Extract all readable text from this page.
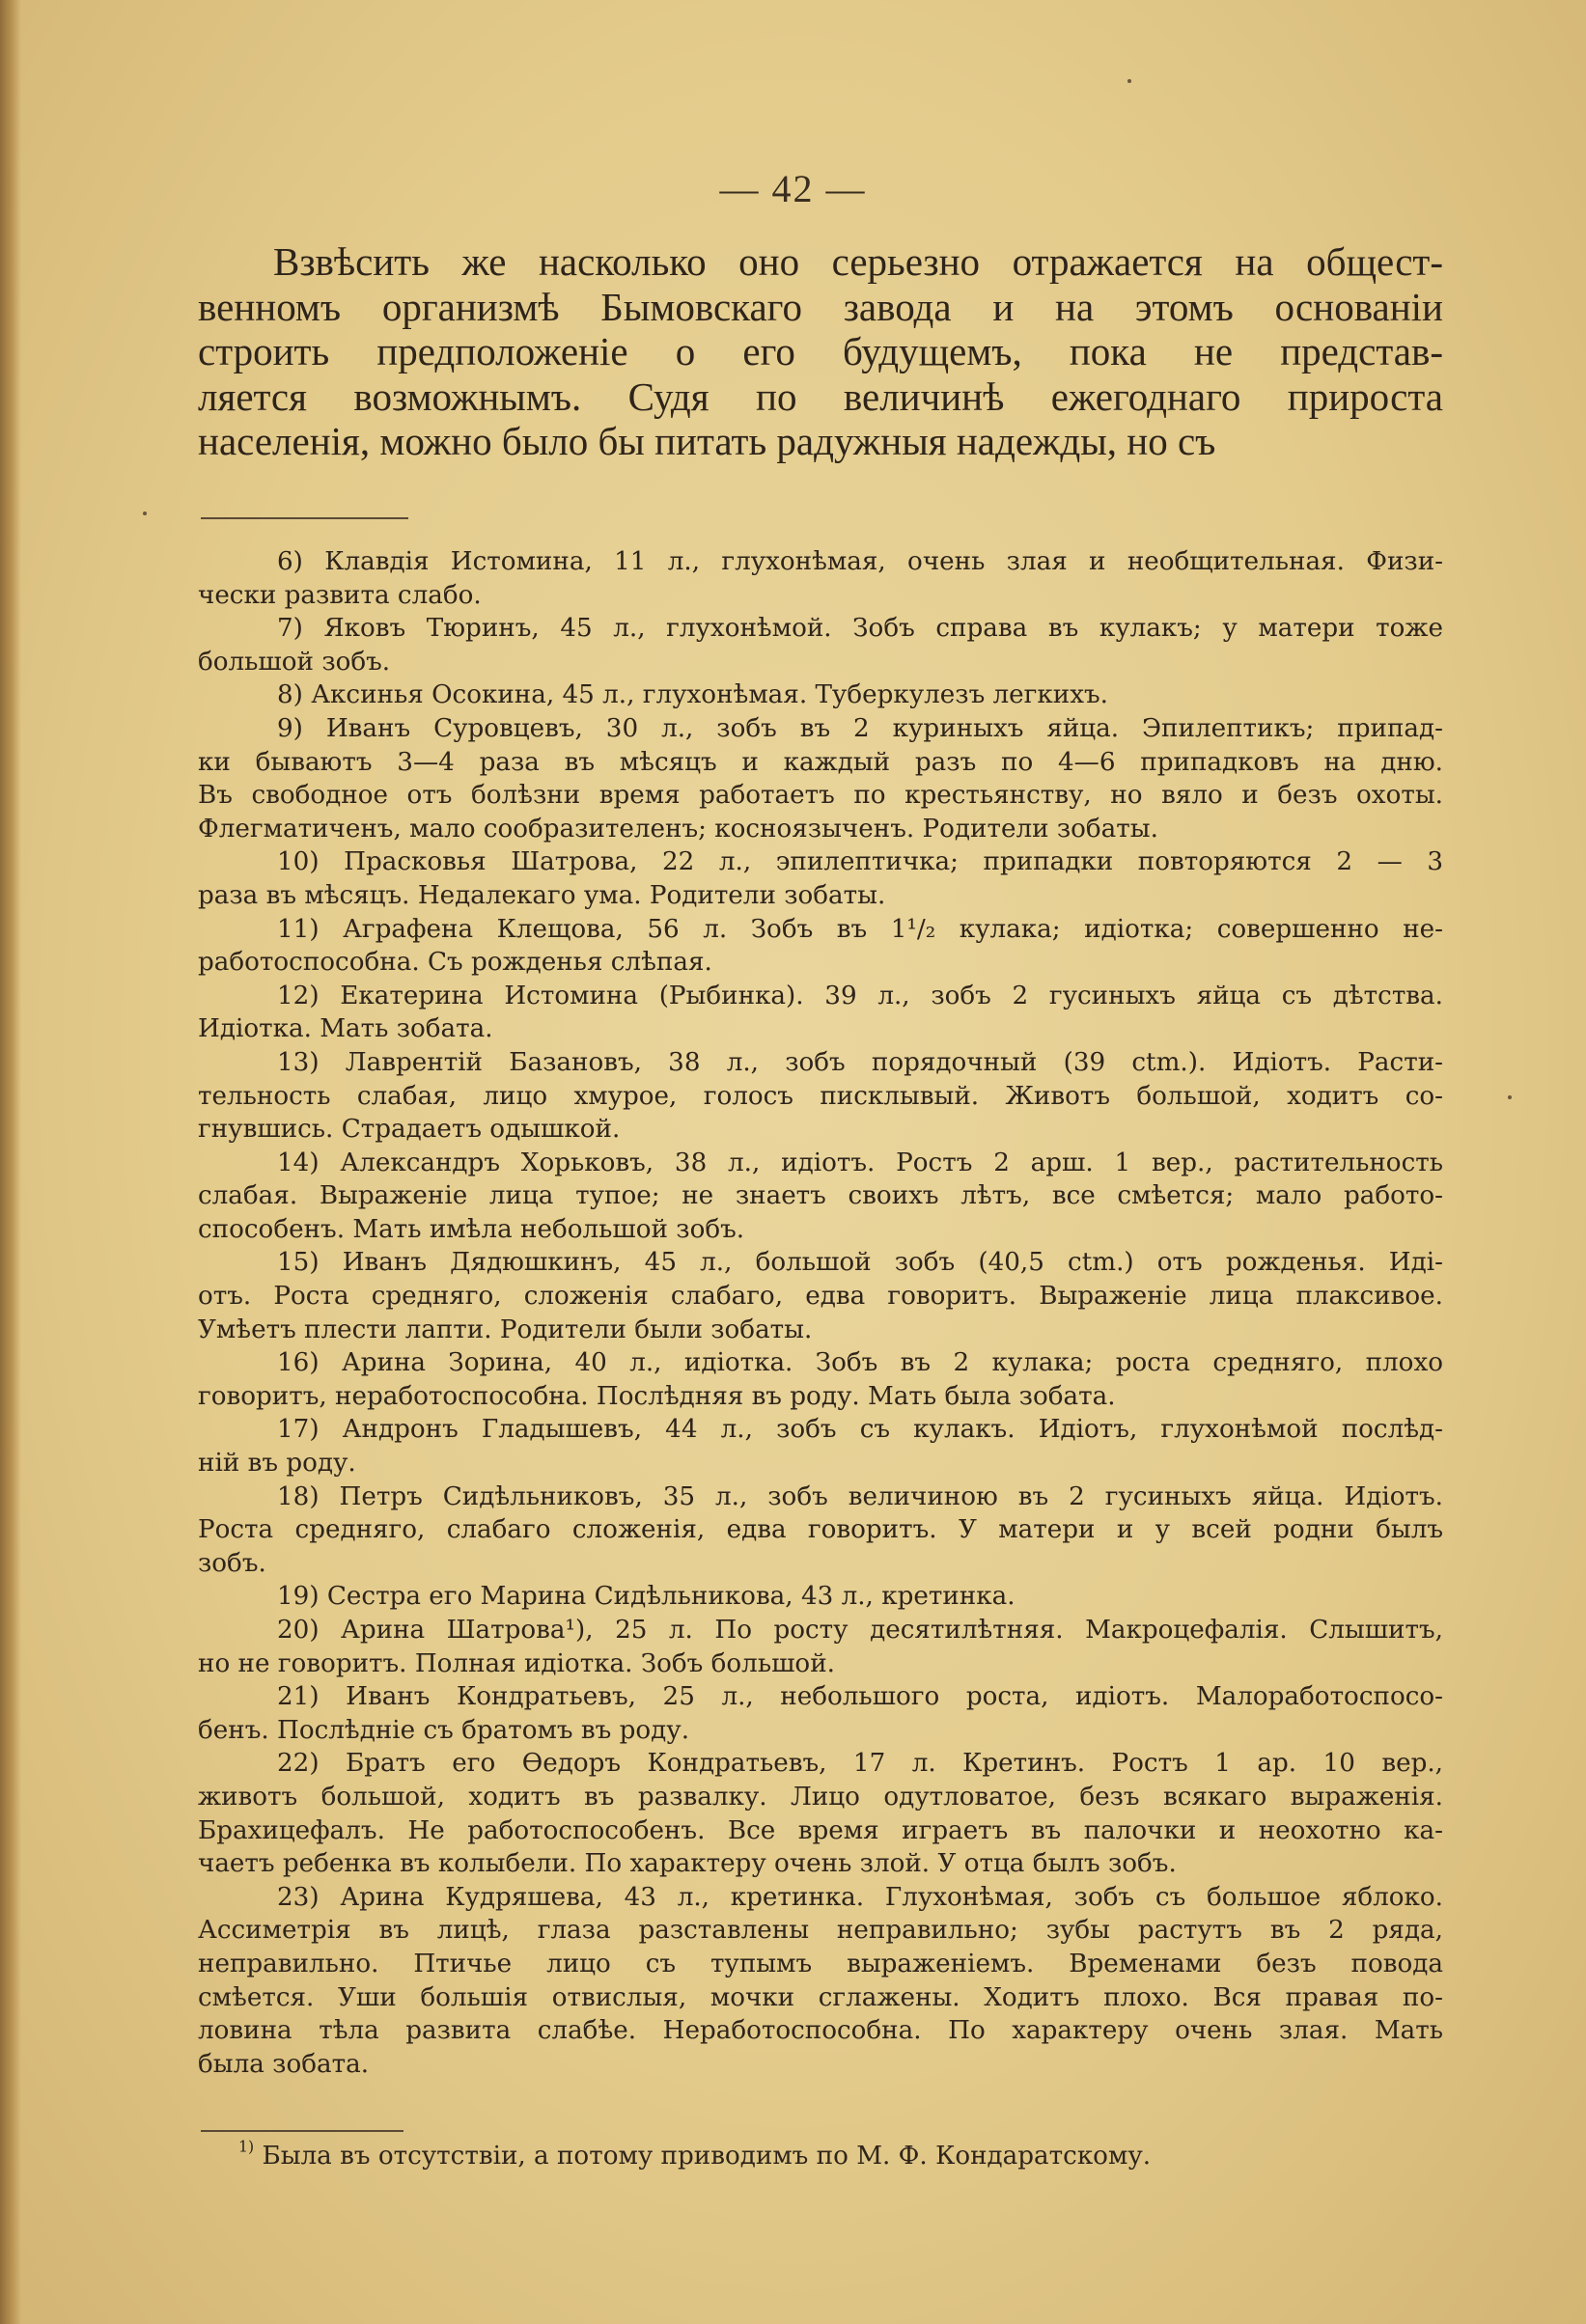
— 42 —
Взвѣсить же насколько оно серьезно отражается на общест-
венномъ организмѣ Бымовскаго завода и на этомъ основаніи
строить предположеніе о его будущемъ, пока не представ-
ляется возможнымъ. Судя по величинѣ ежегоднаго прироста
населенія, можно было бы питать радужныя надежды, но съ
6) Клавдія Истомина, 11 л., глухонѣмая, очень злая и необщительная. Физи-
чески развита слабо.
7) Яковъ Тюринъ, 45 л., глухонѣмой. Зобъ справа въ кулакъ; у матери тоже
большой зобъ.
8) Аксинья Осокина, 45 л., глухонѣмая. Туберкулезъ легкихъ.
9) Иванъ Суровцевъ, 30 л., зобъ въ 2 куриныхъ яйца. Эпилептикъ; припад-
ки бываютъ 3—4 раза въ мѣсяцъ и каждый разъ по 4—6 припадковъ на дню.
Въ свободное отъ болѣзни время работаетъ по крестьянству, но вяло и безъ охоты.
Флегматиченъ, мало сообразителенъ; косноязыченъ. Родители зобаты.
10) Прасковья Шатрова, 22 л., эпилептичка; припадки повторяются 2 — 3
раза въ мѣсяцъ. Недалекаго ума. Родители зобаты.
11) Аграфена Клещова, 56 л. Зобъ въ 1¹/₂ кулака; идіотка; совершенно не-
работоспособна. Съ рожденья слѣпая.
12) Екатерина Истомина (Рыбинка). 39 л., зобъ 2 гусиныхъ яйца съ дѣтства.
Идіотка. Мать зобата.
13) Лаврентій Базановъ, 38 л., зобъ порядочный (39 ctm.). Идіотъ. Расти-
тельность слабая, лицо хмурое, голосъ писклывый. Животъ большой, ходитъ со-
гнувшись. Страдаетъ одышкой.
14) Александръ Хорьковъ, 38 л., идіотъ. Ростъ 2 арш. 1 вер., растительность
слабая. Выраженіе лица тупое; не знаетъ своихъ лѣтъ, все смѣется; мало работо-
способенъ. Мать имѣла небольшой зобъ.
15) Иванъ Дядюшкинъ, 45 л., большой зобъ (40,5 ctm.) отъ рожденья. Иді-
отъ. Роста средняго, сложенія слабаго, едва говоритъ. Выраженіе лица плаксивое.
Умѣетъ плести лапти. Родители были зобаты.
16) Арина Зорина, 40 л., идіотка. Зобъ въ 2 кулака; роста средняго, плохо
говоритъ, неработоспособна. Послѣдняя въ роду. Мать была зобата.
17) Андронъ Гладышевъ, 44 л., зобъ съ кулакъ. Идіотъ, глухонѣмой послѣд-
ній въ роду.
18) Петръ Сидѣльниковъ, 35 л., зобъ величиною въ 2 гусиныхъ яйца. Идіотъ.
Роста средняго, слабаго сложенія, едва говоритъ. У матери и у всей родни былъ
зобъ.
19) Сестра его Марина Сидѣльникова, 43 л., кретинка.
20) Арина Шатрова¹), 25 л. По росту десятилѣтняя. Макроцефалія. Слышитъ,
но не говоритъ. Полная идіотка. Зобъ большой.
21) Иванъ Кондратьевъ, 25 л., небольшого роста, идіотъ. Малоработоспосо-
бенъ. Послѣдніе съ братомъ въ роду.
22) Братъ его Ѳедоръ Кондратьевъ, 17 л. Кретинъ. Ростъ 1 ар. 10 вер.,
животъ большой, ходитъ въ развалку. Лицо одутловатое, безъ всякаго выраженія.
Брахицефалъ. Не работоспособенъ. Все время играетъ въ палочки и неохотно ка-
чаетъ ребенка въ колыбели. По характеру очень злой. У отца былъ зобъ.
23) Арина Кудряшева, 43 л., кретинка. Глухонѣмая, зобъ съ большое яблоко.
Ассиметрія въ лицѣ, глаза разставлены неправильно; зубы растутъ въ 2 ряда,
неправильно. Птичье лицо съ тупымъ выраженіемъ. Временами безъ повода
смѣется. Уши большія отвислыя, мочки сглажены. Ходитъ плохо. Вся правая по-
ловина тѣла развита слабѣе. Неработоспособна. По характеру очень злая. Мать
была зобата.
$^{1)}$ Была въ отсутствіи, а потому приводимъ по М. Ф. Кондаратскому.
